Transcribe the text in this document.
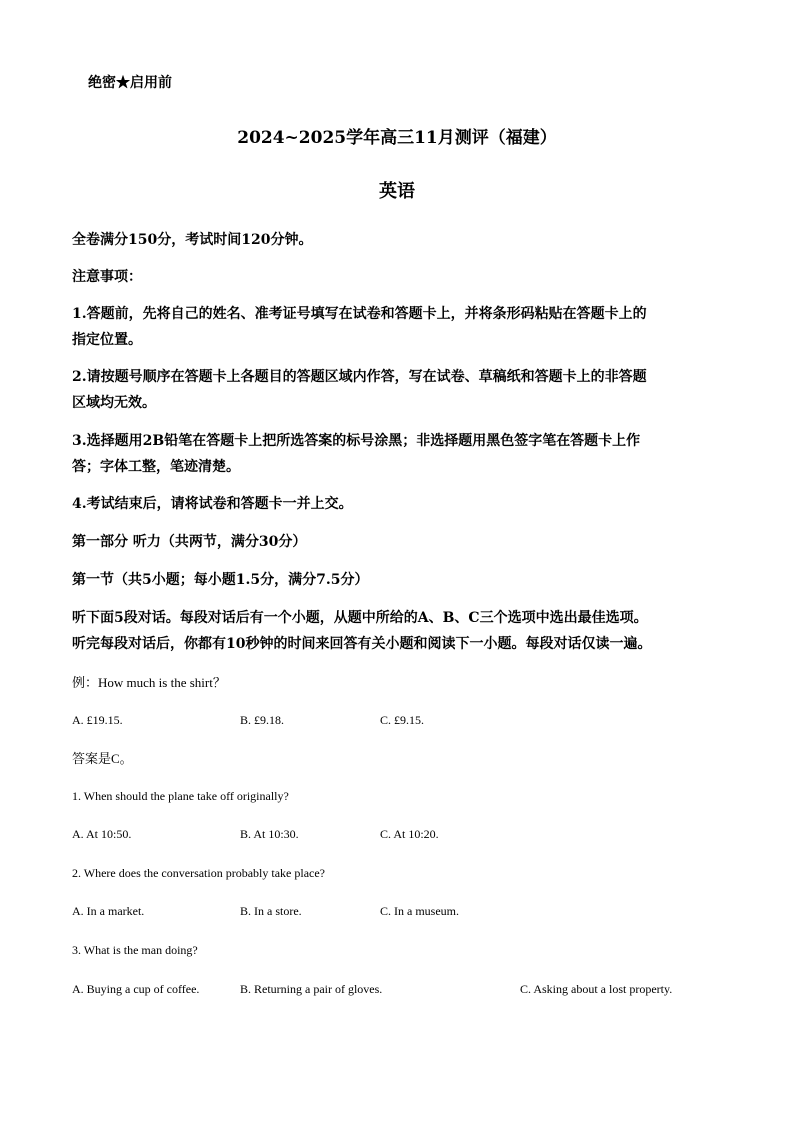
绝密★启用前
2024~2025学年高三11月测评（福建）
英语
全卷满分150分，考试时间120分钟。
注意事项：
1.答题前，先将自己的姓名、准考证号填写在试卷和答题卡上，并将条形码粘贴在答题卡上的
指定位置。
2.请按题号顺序在答题卡上各题目的答题区域内作答，写在试卷、草稿纸和答题卡上的非答题
区域均无效。
3.选择题用2B铅笔在答题卡上把所选答案的标号涂黑；非选择题用黑色签字笔在答题卡上作
答；字体工整，笔迹清楚。
4.考试结束后，请将试卷和答题卡一并上交。
第一部分 听力（共两节，满分30分）
第一节（共5小题；每小题1.5分，满分7.5分）
听下面5段对话。每段对话后有一个小题，从题中所给的A、B、C三个选项中选出最佳选项。
听完每段对话后，你都有10秒钟的时间来回答有关小题和阅读下一小题。每段对话仅读一遍。
例：How much is the shirt？
A. £19.15.	B. £9.18.	C. £9.15.
答案是C。
1. When should the plane take off originally?
A. At 10:50.	B. At 10:30.	C. At 10:20.
2. Where does the conversation probably take place?
A. In a market.	B. In a store.	C. In a museum.
3. What is the man doing?
A. Buying a cup of coffee.	B. Returning a pair of gloves.	C. Asking about a lost property.
